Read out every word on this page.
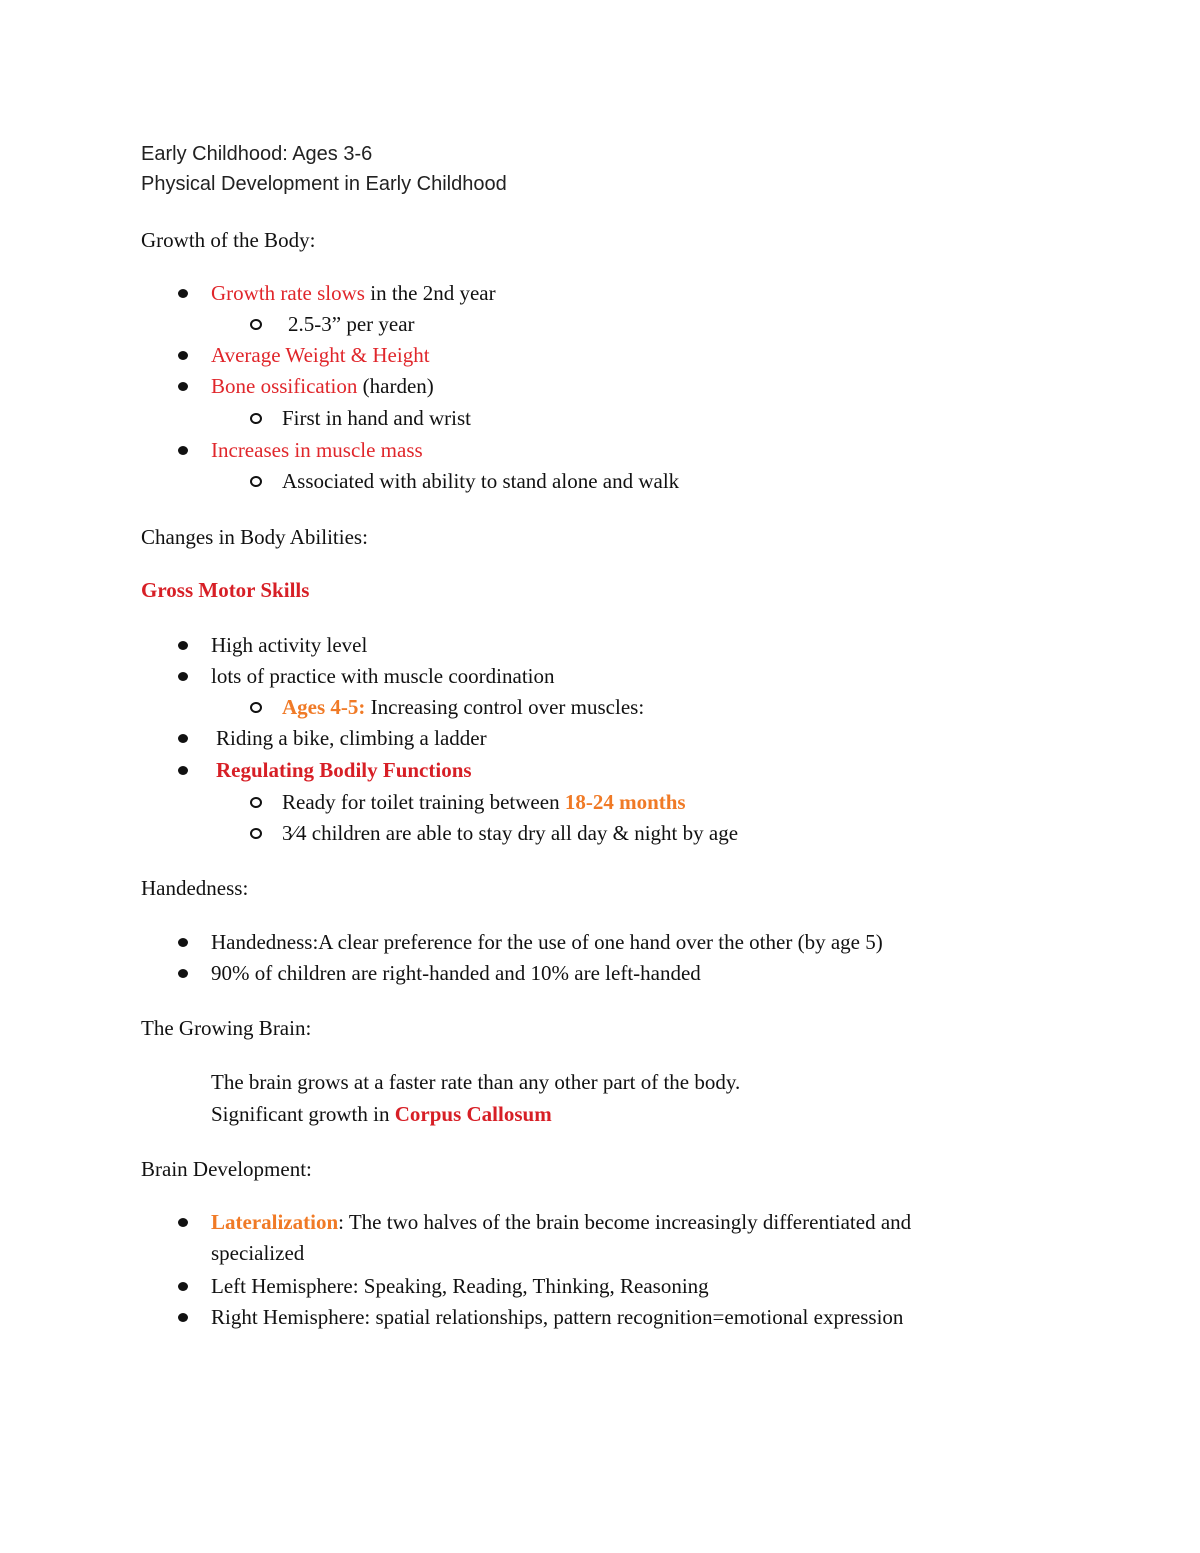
Early Childhood: Ages 3-6
Physical Development in Early Childhood
Growth of the Body:
Growth rate slows in the 2nd year
2.5-3” per year
Average Weight & Height
Bone ossification (harden)
First in hand and wrist
Increases in muscle mass
Associated with ability to stand alone and walk
Changes in Body Abilities:
Gross Motor Skills
High activity level
lots of practice with muscle coordination
Ages 4-5: Increasing control over muscles:
Riding a bike, climbing a ladder
Regulating Bodily Functions
Ready for toilet training between 18-24 months
3⁄4 children are able to stay dry all day & night by age
Handedness:
Handedness:A clear preference for the use of one hand over the other (by age 5)
90% of children are right-handed and 10% are left-handed
The Growing Brain:
The brain grows at a faster rate than any other part of the body.
Significant growth in Corpus Callosum
Brain Development:
Lateralization: The two halves of the brain become increasingly differentiated and
specialized
Left Hemisphere: Speaking, Reading, Thinking, Reasoning
Right Hemisphere: spatial relationships, pattern recognition=emotional expression
